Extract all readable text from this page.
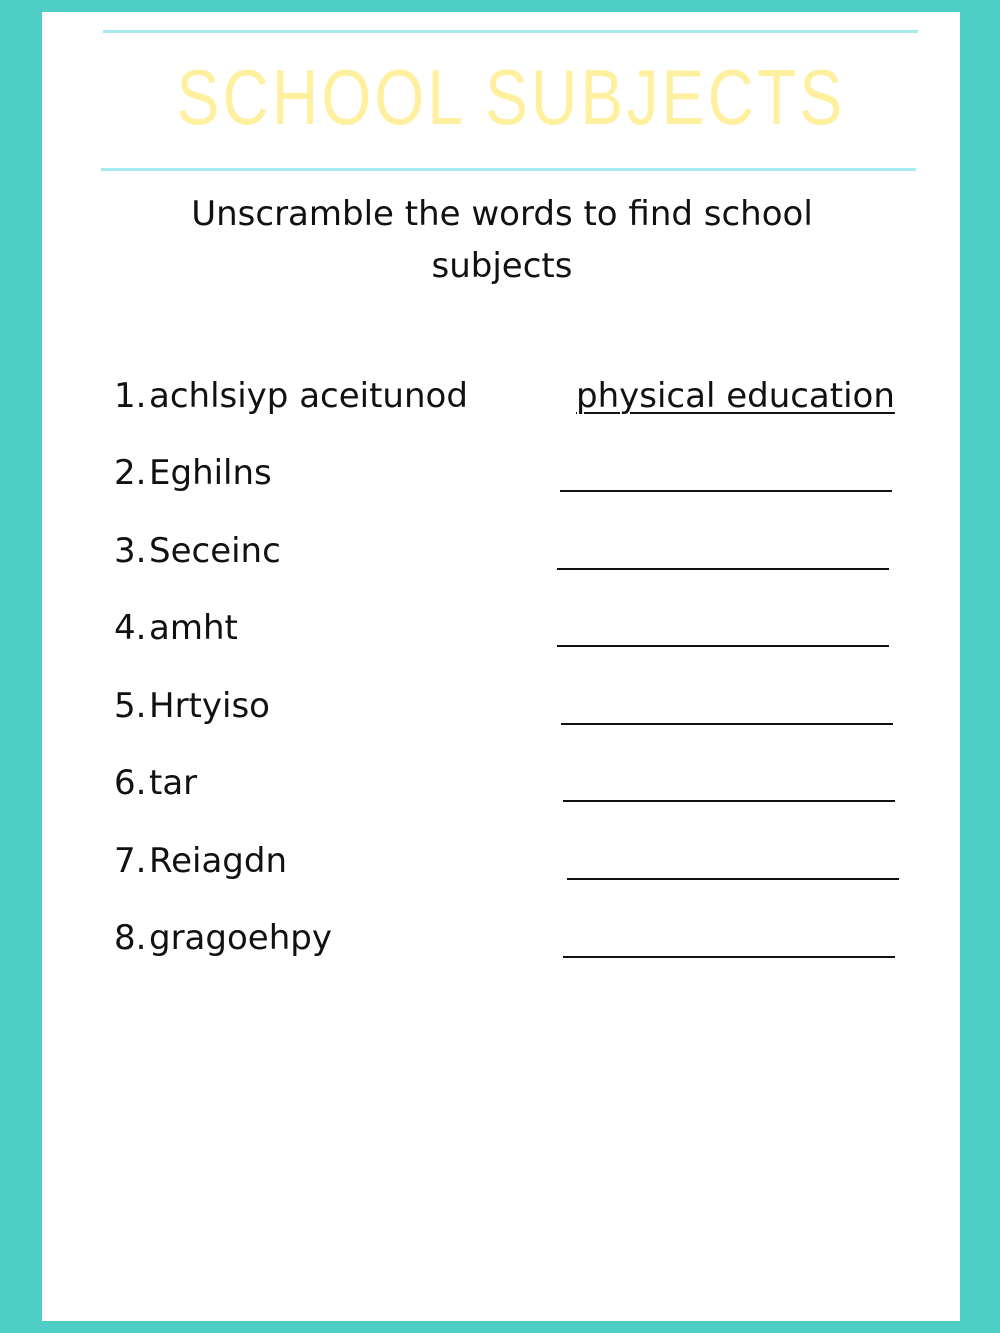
SCHOOL SUBJECTS
Unscramble the words to find school subjects
1.achlsiyp aceitunod	physical education
2.Eghilns
3.Seceinc
4.amht
5.Hrtyiso
6.tar
7.Reiagdn
8.gragoehpy
